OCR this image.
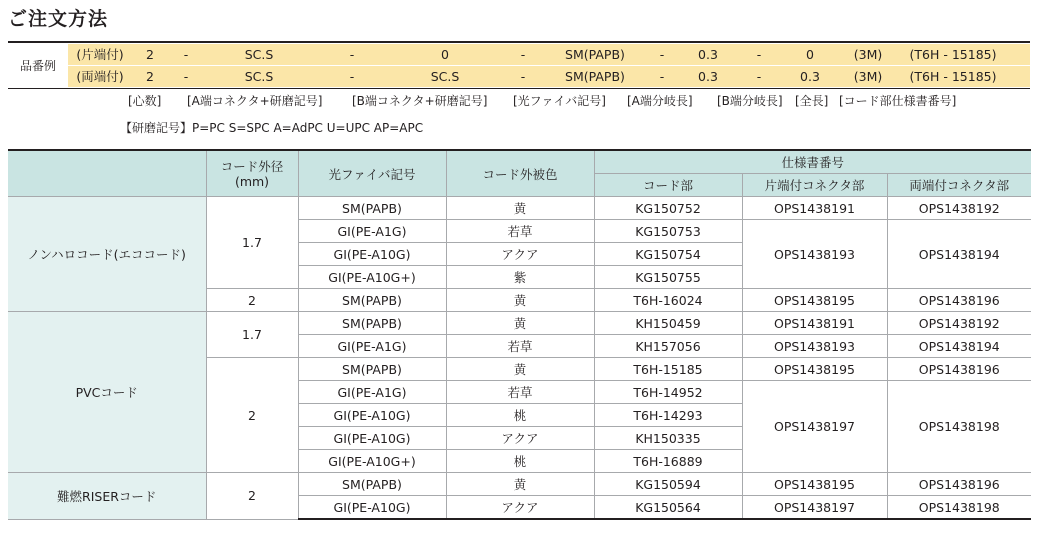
ご注文方法
品番例
(片端付)	2	-	SC.S	-	0	-	SM(PAPB)	-	0.3	-	0	(3M)	(T6H - 15185)
(両端付)	2	-	SC.S	-	SC.S	-	SM(PAPB)	-	0.3	-	0.3	(3M)	(T6H - 15185)
[心数] [A端コネクタ+研磨記号] [B端コネクタ+研磨記号] [光ファイバ記号] [A端分岐長] [B端分岐長] [全長] [コード部仕様書番号]
【研磨記号】P=PC S=SPC A=AdPC U=UPC AP=APC
	コード外径(mm)	光ファイバ記号	コード外被色	仕様書番号		
				コード部	片端付コネクタ部	両端付コネクタ部
ノンハロコード(エココード)	1.7	SM(PAPB)	黄	KG150752	OPS1438191	OPS1438192
		GI(PE-A1G)	若草	KG150753	OPS1438193	OPS1438194
		GI(PE-A10G)	アクア	KG150754		
		GI(PE-A10G+)	紫	KG150755		
	2	SM(PAPB)	黄	T6H-16024	OPS1438195	OPS1438196
PVCコード	1.7	SM(PAPB)	黄	KH150459	OPS1438191	OPS1438192
		GI(PE-A1G)	若草	KH157056	OPS1438193	OPS1438194
	2	SM(PAPB)	黄	T6H-15185	OPS1438195	OPS1438196
		GI(PE-A1G)	若草	T6H-14952	OPS1438197	OPS1438198
		GI(PE-A10G)	桃	T6H-14293		
		GI(PE-A10G)	アクア	KH150335		
		GI(PE-A10G+)	桃	T6H-16889		
難燃RISERコード	2	SM(PAPB)	黄	KG150594	OPS1438195	OPS1438196
		GI(PE-A10G)	アクア	KG150564	OPS1438197	OPS1438198
